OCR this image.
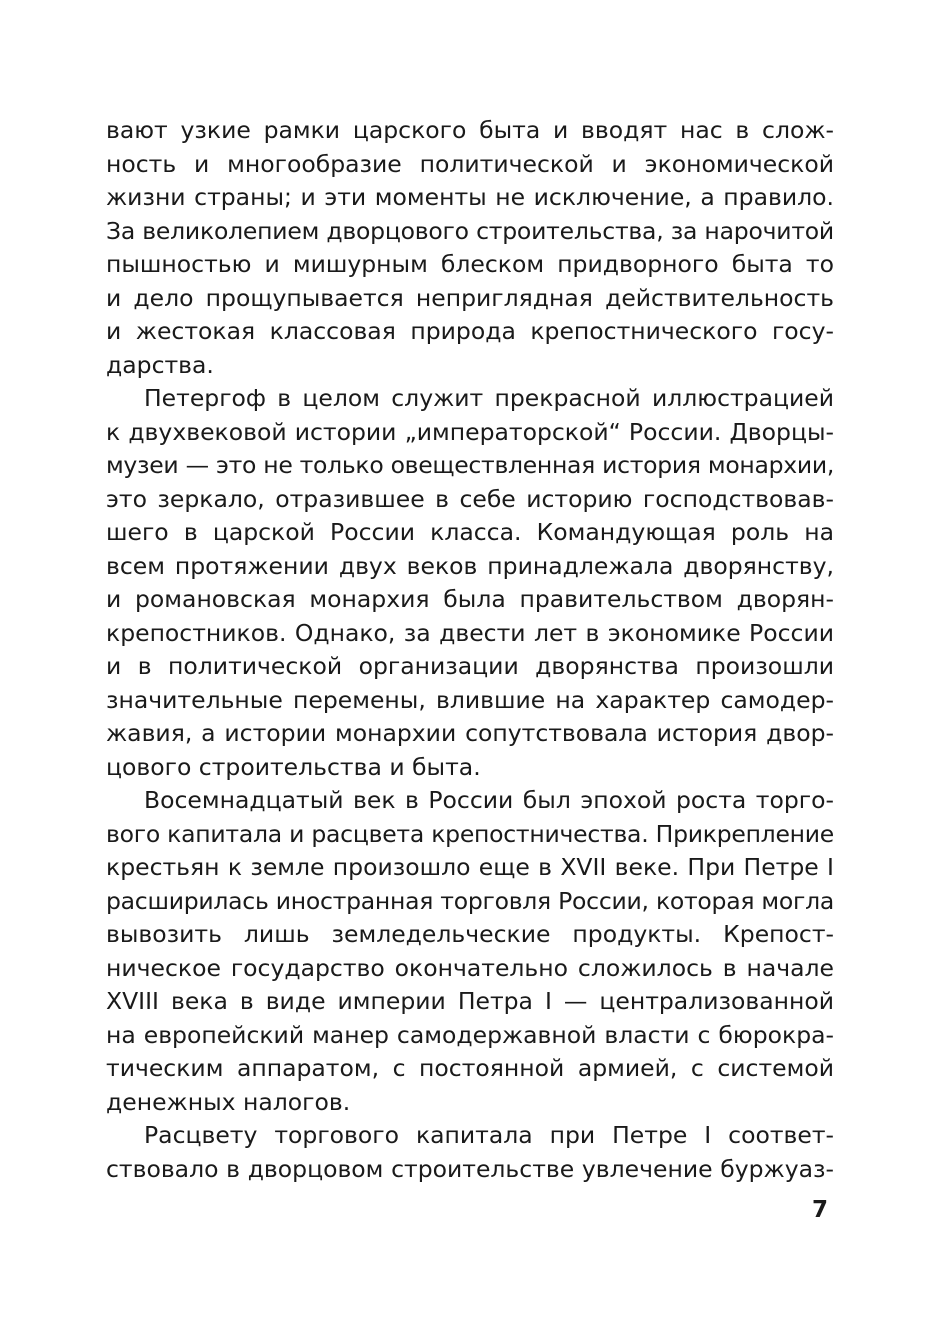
вают узкие рамки царского быта и вводят нас в слож-
ность и многообразие политической и экономической
жизни страны; и эти моменты не исключение, а правило.
За великолепием дворцового строительства, за нарочитой
пышностью и мишурным блеском придворного быта то
и дело прощупывается неприглядная действительность
и жестокая классовая природа крепостнического госу-
дарства.
Петергоф в целом служит прекрасной иллюстрацией
к двухвековой истории „императорской“ России. Дворцы-
музеи — это не только овеществленная история монархии,
это зеркало, отразившее в себе историю господствовав-
шего в царской России класса. Командующая роль на
всем протяжении двух веков принадлежала дворянству,
и романовская монархия была правительством дворян-
крепостников. Однако, за двести лет в экономике России
и в политической организации дворянства произошли
значительные перемены, влившие на характер самодер-
жавия, а истории монархии сопутствовала история двор-
цового строительства и быта.
Восемнадцатый век в России был эпохой роста торго-
вого капитала и расцвета крепостничества. Прикрепление
крестьян к земле произошло еще в XVII веке. При Петре I
расширилась иностранная торговля России, которая могла
вывозить лишь земледельческие продукты. Крепост-
ническое государство окончательно сложилось в начале
XVIII века в виде империи Петра I — централизованной
на европейский манер самодержавной власти с бюрокра-
тическим аппаратом, с постоянной армией, с системой
денежных налогов.
Расцвету торгового капитала при Петре I соответ-
ствовало в дворцовом строительстве увлечение буржуаз-
7
